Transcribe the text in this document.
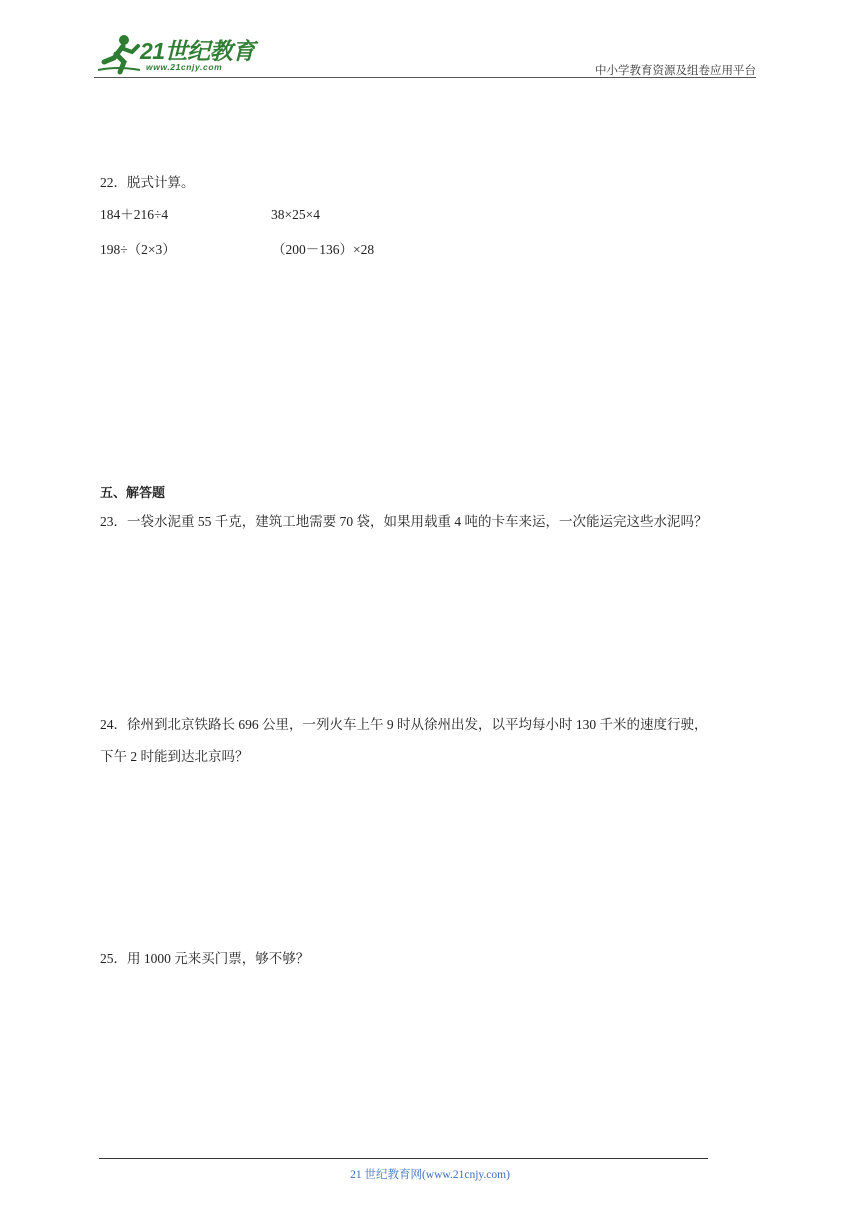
21世纪教育
www.21cnjy.com	中小学教育资源及组卷应用平台
22．脱式计算。
184＋216÷4	38×25×4
198÷（2×3）	（200－136）×28
五、解答题
23．一袋水泥重 55 千克，建筑工地需要 70 袋，如果用载重 4 吨的卡车来运，一次能运完这些水泥吗？
24．徐州到北京铁路长 696 公里，一列火车上午 9 时从徐州出发，以平均每小时 130 千米的速度行驶，
下午 2 时能到达北京吗？
25．用 1000 元来买门票，够不够？
21 世纪教育网(www.21cnjy.com)
